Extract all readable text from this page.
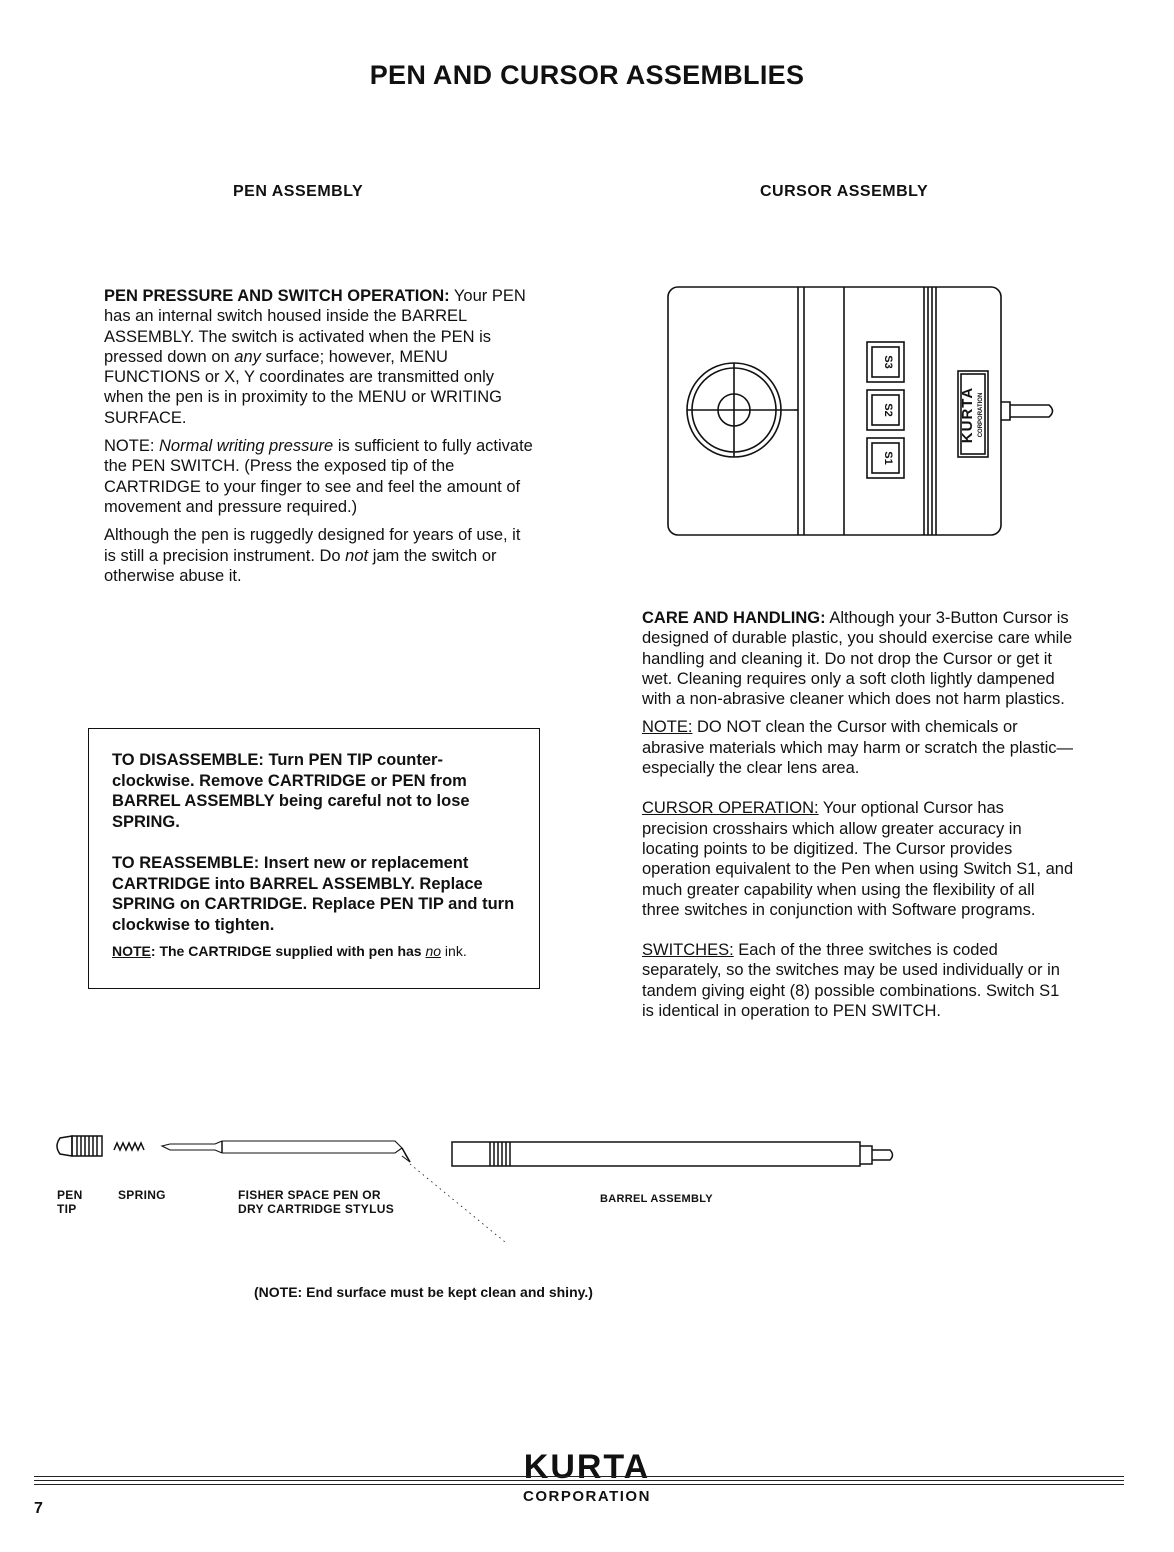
PEN AND CURSOR ASSEMBLIES
PEN ASSEMBLY	CURSOR ASSEMBLY

PEN PRESSURE AND SWITCH OPERATION: Your PEN has an internal switch housed inside the BARREL ASSEMBLY. The switch is activated when the PEN is pressed down on any surface; however, MENU FUNCTIONS or X, Y coordinates are transmitted only when the pen is in proximity to the MENU or WRITING SURFACE.

NOTE: Normal writing pressure is sufficient to fully activate the PEN SWITCH. (Press the exposed tip of the CARTRIDGE to your finger to see and feel the amount of movement and pressure required.)

Although the pen is ruggedly designed for years of use, it is still a precision instrument. Do not jam the switch or otherwise abuse it.

TO DISASSEMBLE: Turn PEN TIP counter-clockwise. Remove CARTRIDGE or PEN from BARREL ASSEMBLY being careful not to lose SPRING.

TO REASSEMBLE: Insert new or replacement CARTRIDGE into BARREL ASSEMBLY. Replace SPRING on CARTRIDGE. Replace PEN TIP and turn clockwise to tighten.

NOTE: The CARTRIDGE supplied with pen has no ink.

S3
S2
S1
KURTA CORPORATION

CARE AND HANDLING: Although your 3-Button Cursor is designed of durable plastic, you should exercise care while handling and cleaning it. Do not drop the Cursor or get it wet. Cleaning requires only a soft cloth lightly dampened with a non-abrasive cleaner which does not harm plastics.

NOTE: DO NOT clean the Cursor with chemicals or abrasive materials which may harm or scratch the plastic—especially the clear lens area.

CURSOR OPERATION: Your optional Cursor has precision crosshairs which allow greater accuracy in locating points to be digitized. The Cursor provides operation equivalent to the Pen when using Switch S1, and much greater capability when using the flexibility of all three switches in conjunction with Software programs.

SWITCHES: Each of the three switches is coded separately, so the switches may be used individually or in tandem giving eight (8) possible combinations. Switch S1 is identical in operation to PEN SWITCH.

PEN TIP
SPRING	FISHER SPACE PEN OR
DRY CARTRIDGE STYLUS
BARREL ASSEMBLY
(NOTE: End surface must be kept clean and shiny.)
KURTA
CORPORATION
7
